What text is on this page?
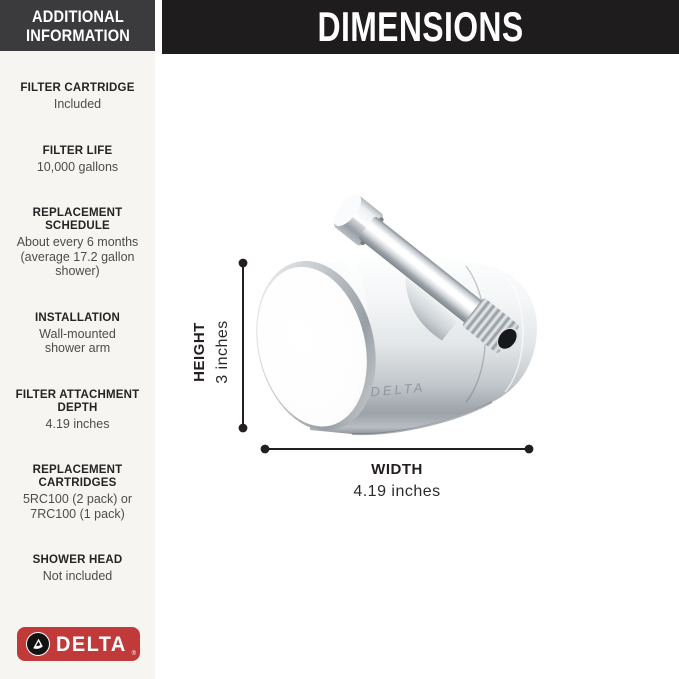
ADDITIONAL INFORMATION
FILTER CARTRIDGE
Included
FILTER LIFE
10,000 gallons
REPLACEMENT SCHEDULE
About every 6 months (average 17.2 gallon shower)
INSTALLATION
Wall-mounted shower arm
FILTER ATTACHMENT DEPTH
4.19 inches
REPLACEMENT CARTRIDGES
5RC100 (2 pack) or 7RC100 (1 pack)
SHOWER HEAD
Not included
DELTA ®
DIMENSIONS
DELTA
HEIGHT 3 inches
WIDTH
4.19 inches
